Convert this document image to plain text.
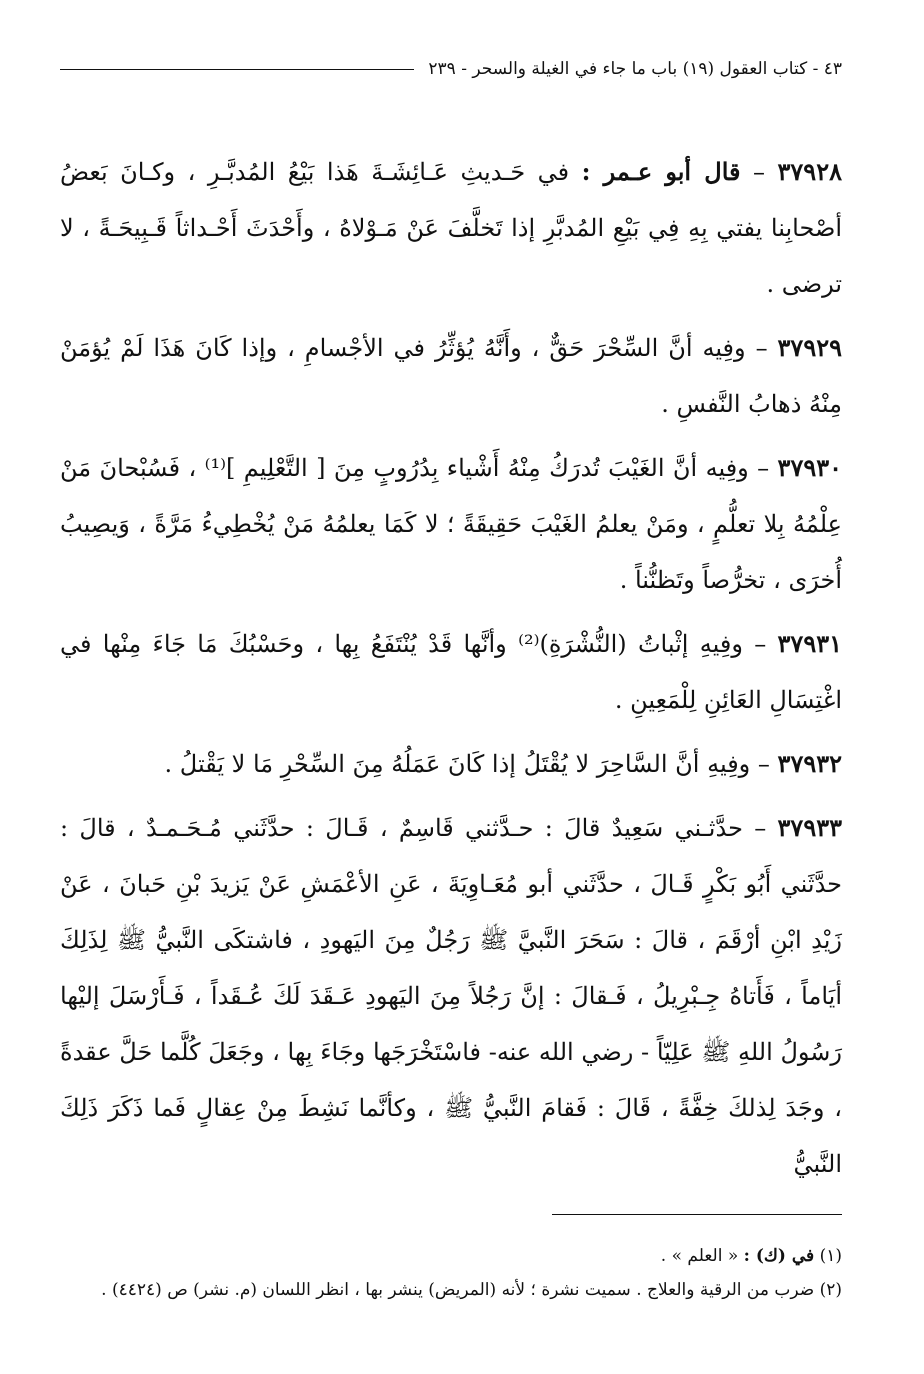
٤٣ - كتاب العقول (١٩) باب ما جاء في الغيلة والسحر - ٢٣٩

٣٧٩٢٨ – قال أبو عـمر : في حَـديثِ عَـائِشَـةَ هَذا بَيْعُ المُدبَّـرِ ، وكـانَ بَعضُ أصْحابِنا يفتي بِهِ فِي بَيْعِ المُدبَّرِ إذا تَخلَّفَ عَنْ مَـوْلاهُ ، وأَحْدَثَ أَحْـداثاً قَـبِيحَـةً ، لا ترضى .

٣٧٩٢٩ – وفِيه أنَّ السِّحْرَ حَقٌّ ، وأَنَّهُ يُؤثِّرُ في الأجْسامِ ، وإذا كَانَ هَذَا لَمْ يُؤمَنْ مِنْهُ ذهابُ النَّفسِ .

٣٧٩٣٠ – وفِيه أنَّ الغَيْبَ تُدرَكُ مِنْهُ أَشْياء بِدُرُوبٍ مِنَ [ التَّعْلِيمِ ]⁽¹⁾ ، فَسُبْحانَ مَنْ عِلْمُهُ بِلا تعلُّمٍ ، ومَنْ يعلمُ الغَيْبَ حَقِيقَةً ؛ لا كَمَا يعلمُهُ مَنْ يُخْطِيءُ مَرَّةً ، وَيصِيبُ أُخرَى ، تخرُّصاً وتَظنُّناً .

٣٧٩٣١ – وفِيهِ إثْباتُ (النُّشْرَةِ)⁽²⁾ وأنَّها قَدْ يُنْتَفَعُ بِها ، وحَسْبُكَ مَا جَاءَ مِنْها في اغْتِسَالِ العَائِنِ لِلْمَعِينِ .

٣٧٩٣٢ – وفِيهِ أنَّ السَّاحِرَ لا يُقْتَلُ إذا كَانَ عَمَلُهُ مِنَ السِّحْرِ مَا لا يَقْتلُ .

٣٧٩٣٣ – حدَّثـني سَعِيدٌ قالَ : حـدَّثني قَاسِمٌ ، قَـالَ : حدَّثَني مُـحَـمـدٌ ، قالَ : حدَّثَني أَبُو بَكْرٍ قَـالَ ، حدَّثَني أبو مُعَـاوِيَةَ ، عَنِ الأعْمَشِ عَنْ يَزيدَ بْنِ حَبانَ ، عَنْ زَيْدِ ابْنِ أرْقَمَ ، قالَ : سَحَرَ النَّبيَّ ﷺ رَجُلٌ مِنَ اليَهودِ ، فاشتكَى النَّبيُّ ﷺ لِذَلِكَ أيَاماً ، فَأَتاهُ جِـبْرِيلُ ، فَـقالَ : إنَّ رَجُلاً مِنَ اليَهودِ عَـقَدَ لَكَ عُـقَداً ، فَـأَرْسَلَ إليْها رَسُولُ اللهِ ﷺ عَلِيّاً - رضي الله عنه- فاسْتَخْرَجَها وجَاءَ بِها ، وجَعَلَ كُلَّما حَلَّ عقدةً ، وجَدَ لِذلكَ خِفَّةً ، قَالَ : فَقامَ النَّبيُّ ﷺ ، وكأنَّما نَشِطَ مِنْ عِقالٍ فَما ذَكَرَ ذَلِكَ النَّبيُّ

(١) في (ك) : « العلم » .

(٢) ضرب من الرقية والعلاج . سميت نشرة ؛ لأنه (المريض) ينشر بها ، انظر اللسان (م. نشر) ص (٤٤٢٤) .
